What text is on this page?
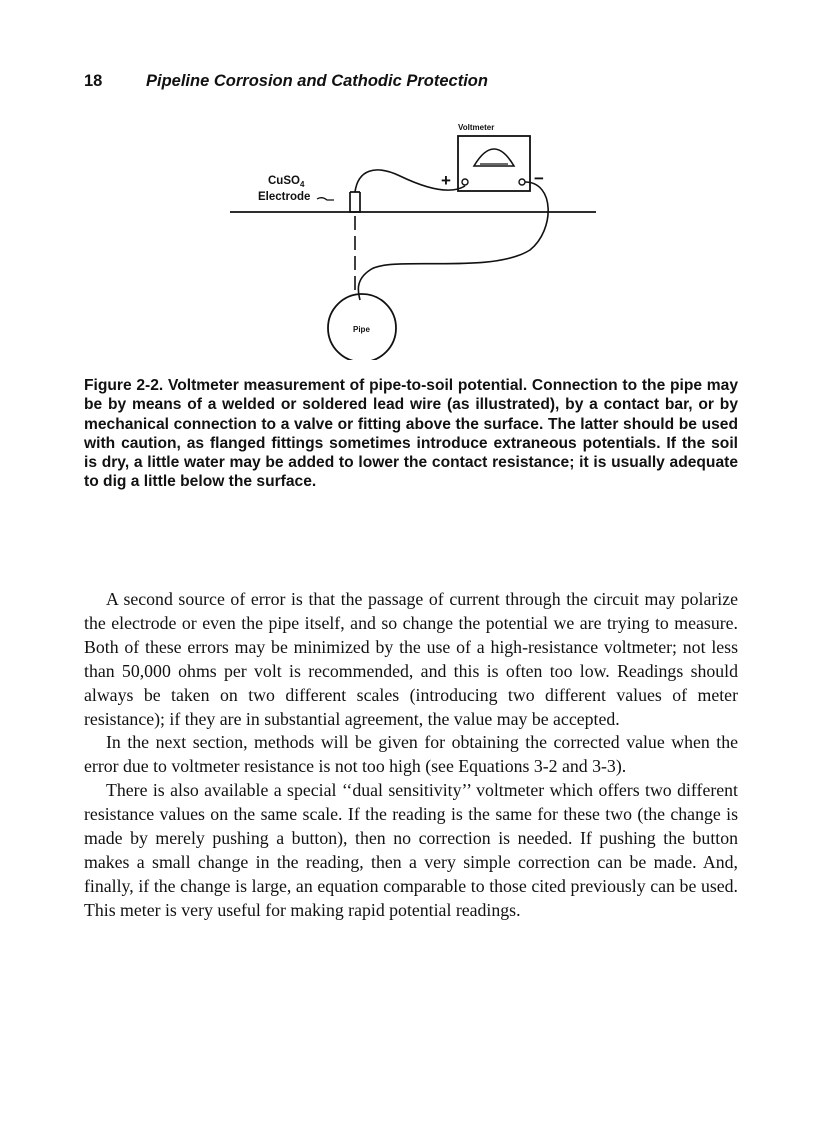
18	Pipeline Corrosion and Cathodic Protection
Voltmeter
+	−
CuSO$_4$
Electrode
Pipe
Figure 2-2. Voltmeter measurement of pipe-to-soil potential. Connection to the pipe may be by means of a welded or soldered lead wire (as illustrated), by a contact bar, or by mechanical connection to a valve or fitting above the surface. The latter should be used with caution, as flanged fittings sometimes introduce extraneous potentials. If the soil is dry, a little water may be added to lower the contact resistance; it is usually adequate to dig a little below the surface.

A second source of error is that the passage of current through the circuit may polarize the electrode or even the pipe itself, and so change the potential we are trying to measure. Both of these errors may be minimized by the use of a high-resistance voltmeter; not less than 50,000 ohms per volt is recommended, and this is often too low. Readings should always be taken on two different scales (introducing two different values of meter resistance); if they are in substantial agreement, the value may be accepted.

In the next section, methods will be given for obtaining the corrected value when the error due to voltmeter resistance is not too high (see Equations 3-2 and 3-3).

There is also available a special ‘‘dual sensitivity’’ voltmeter which offers two different resistance values on the same scale. If the reading is the same for these two (the change is made by merely pushing a button), then no correction is needed. If pushing the button makes a small change in the reading, then a very simple correction can be made. And, finally, if the change is large, an equation comparable to those cited previously can be used. This meter is very useful for making rapid potential readings.
